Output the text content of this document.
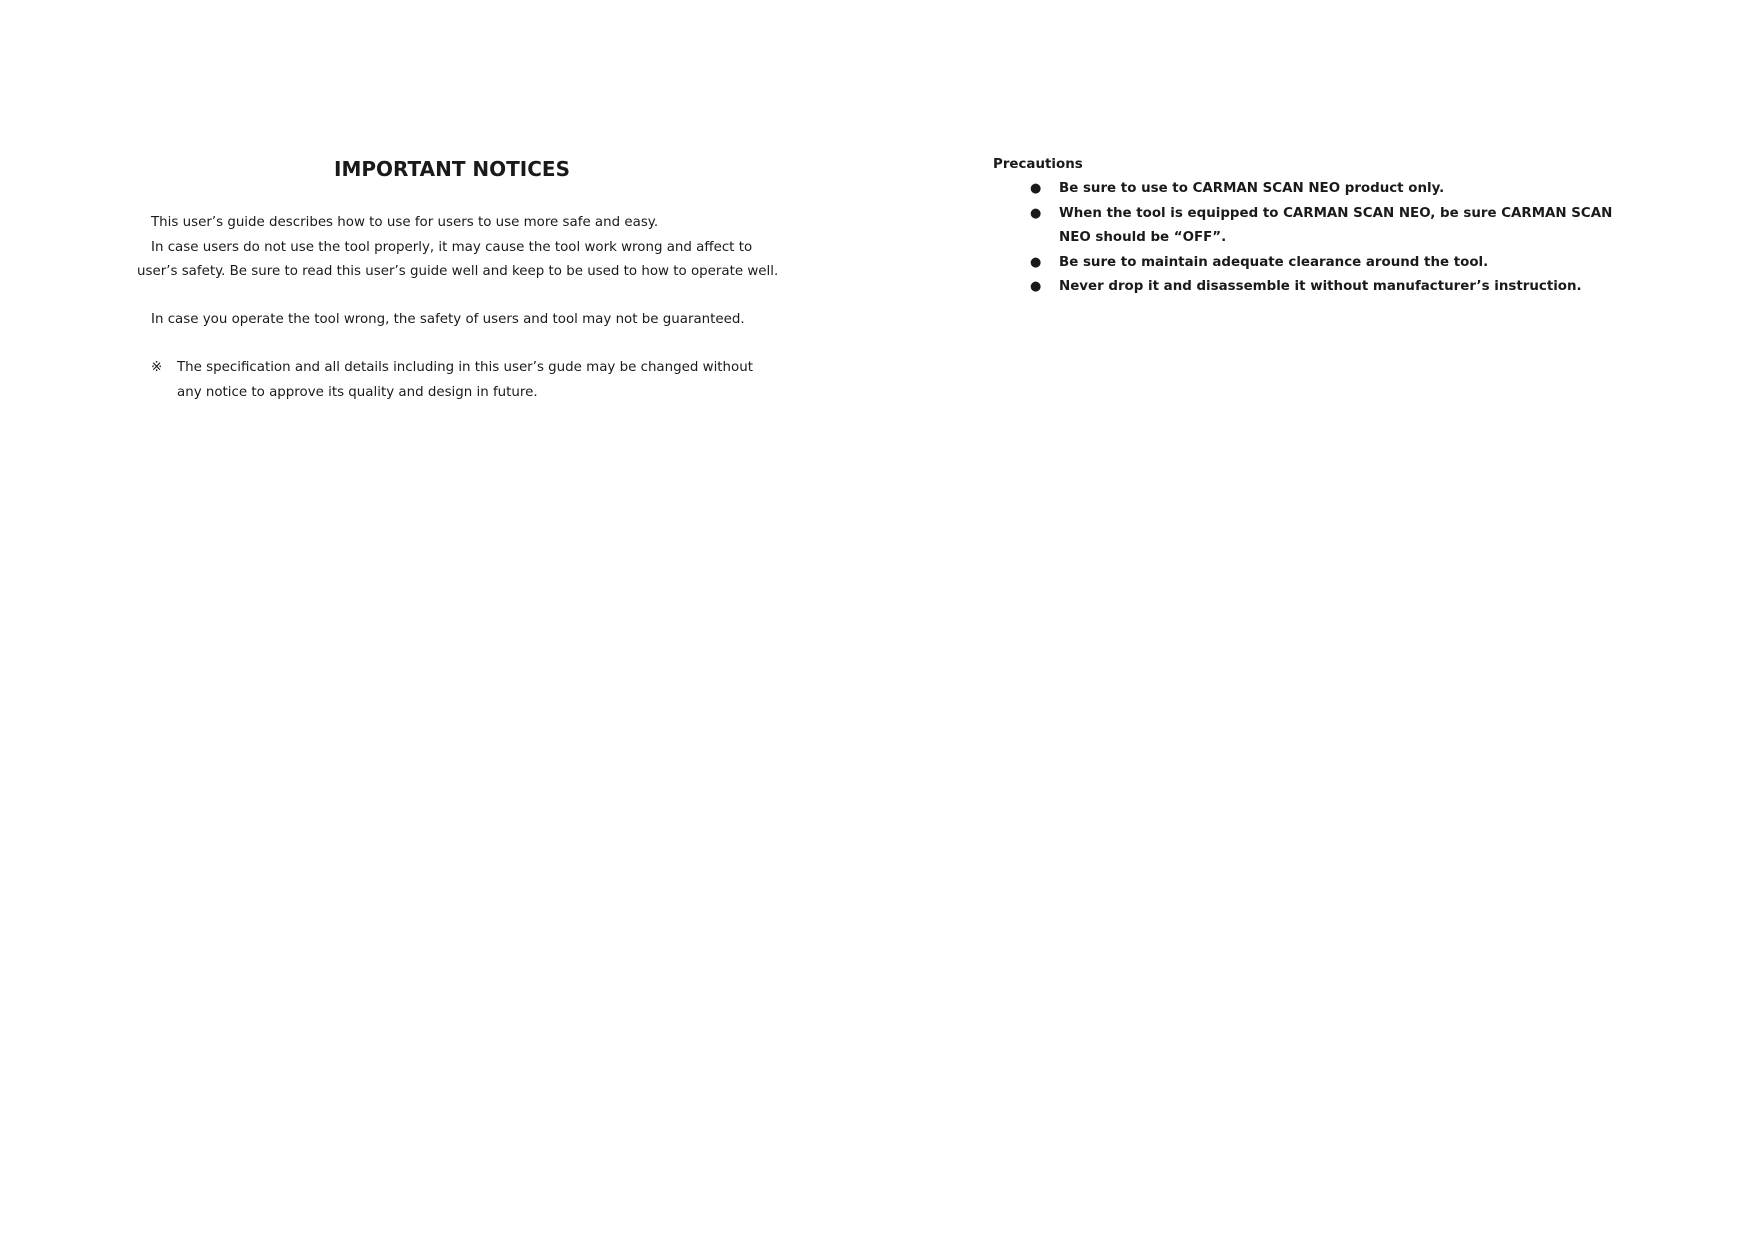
IMPORTANT NOTICES

This user’s guide describes how to use for users to use more safe and easy.
In case users do not use the tool properly, it may cause the tool work wrong and affect to
user’s safety. Be sure to read this user’s guide well and keep to be used to how to operate well.

In case you operate the tool wrong, the safety of users and tool may not be guaranteed.

※	The specification and all details including in this user’s gude may be changed without any notice to approve its quality and design in future.
Precautions
●	Be sure to use to CARMAN SCAN NEO product only.
●	When the tool is equipped to CARMAN SCAN NEO, be sure CARMAN SCAN NEO should be “OFF”.
●	Be sure to maintain adequate clearance around the tool.
●	Never drop it and disassemble it without manufacturer’s instruction.
